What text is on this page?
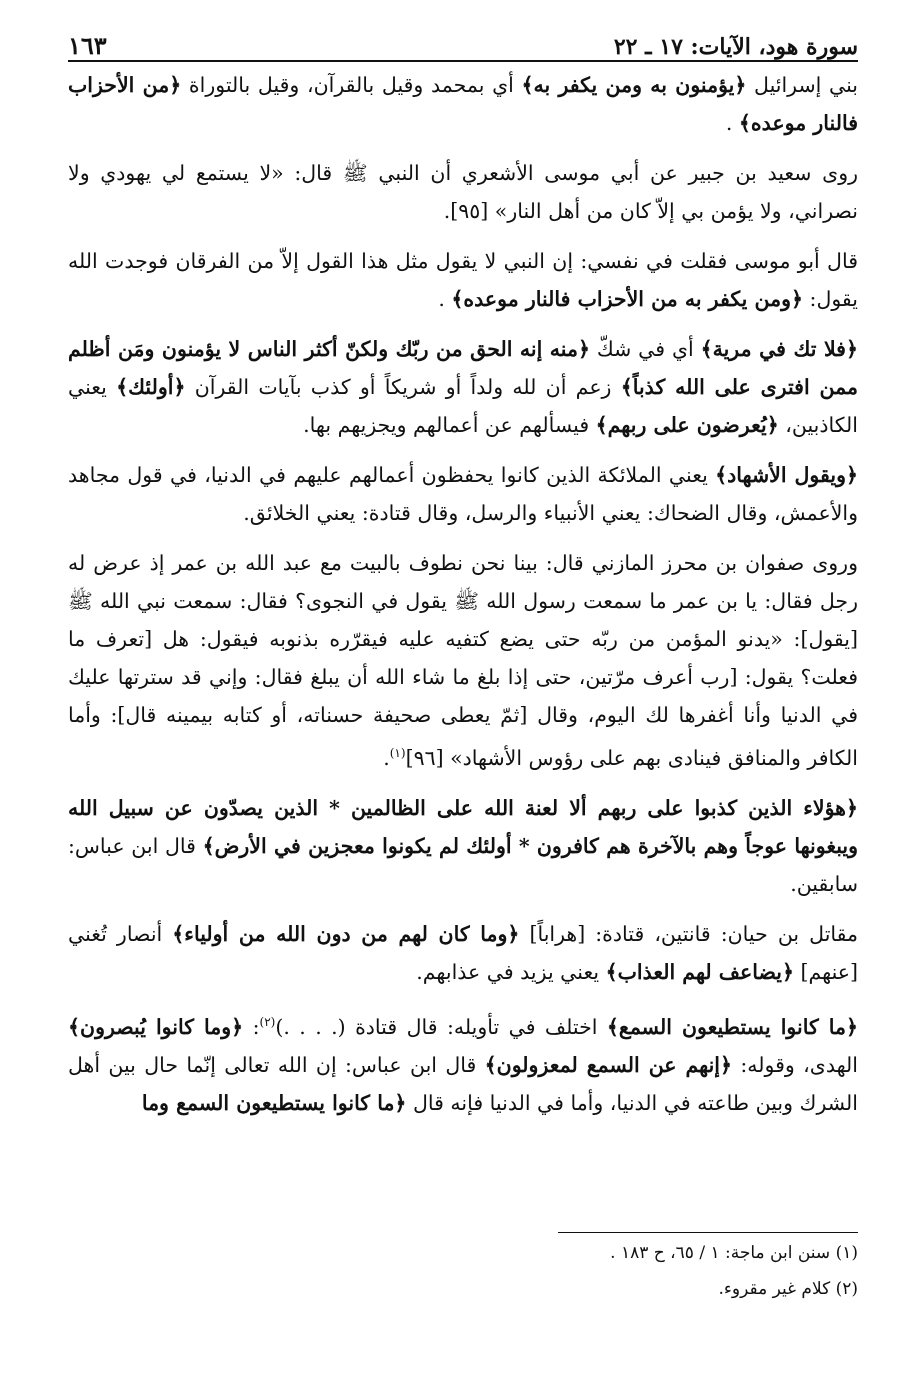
سورة هود، الآيات: ١٧ ـ ٢٢
١٦٣

بني إسرائيل ﴿يؤمنون به ومن يكفر به﴾ أي بمحمد وقيل بالقرآن، وقيل بالتوراة ﴿من الأحزاب فالنار موعده﴾ .

روى سعيد بن جبير عن أبي موسى الأشعري أن النبي ﷺ قال: «لا يستمع لي يهودي ولا نصراني، ولا يؤمن بي إلاّ كان من أهل النار» [٩٥].

قال أبو موسى فقلت في نفسي: إن النبي لا يقول مثل هذا القول إلاّ من الفرقان فوجدت الله يقول: ﴿ومن يكفر به من الأحزاب فالنار موعده﴾ .

﴿فلا تك في مرية﴾ أي في شكّ ﴿منه إنه الحق من ربّك ولكنّ أكثر الناس لا يؤمنون ومَن أظلم ممن افترى على الله كذباً﴾ زعم أن لله ولداً أو شريكاً أو كذب بآيات القرآن ﴿أولئك﴾ يعني الكاذبين، ﴿يُعرضون على ربهم﴾ فيسألهم عن أعمالهم ويجزيهم بها.

﴿ويقول الأشهاد﴾ يعني الملائكة الذين كانوا يحفظون أعمالهم عليهم في الدنيا، في قول مجاهد والأعمش، وقال الضحاك: يعني الأنبياء والرسل، وقال قتادة: يعني الخلائق.

وروى صفوان بن محرز المازني قال: بينا نحن نطوف بالبيت مع عبد الله بن عمر إذ عرض له رجل فقال: يا بن عمر ما سمعت رسول الله ﷺ يقول في النجوى؟ فقال: سمعت نبي الله ﷺ [يقول]: «يدنو المؤمن من ربّه حتى يضع كتفيه عليه فيقرّره بذنوبه فيقول: هل [تعرف ما فعلت؟ يقول: [رب أعرف مرّتين، حتى إذا بلغ ما شاء الله أن يبلغ فقال: وإني قد سترتها عليك في الدنيا وأنا أغفرها لك اليوم، وقال [ثمّ يعطى صحيفة حسناته، أو كتابه بيمينه قال]: وأما الكافر والمنافق فينادى بهم على رؤوس الأشهاد» [٩٦]$^{(١)}$.

﴿هؤلاء الذين كذبوا على ربهم ألا لعنة الله على الظالمين * الذين يصدّون عن سبيل الله ويبغونها عوجاً وهم بالآخرة هم كافرون * أولئك لم يكونوا معجزين في الأرض﴾ قال ابن عباس: سابقين.

مقاتل بن حيان: قانتين، قتادة: [هراباً] ﴿وما كان لهم من دون الله من أولياء﴾ أنصار تُغني [عنهم] ﴿يضاعف لهم العذاب﴾ يعني يزيد في عذابهم.

﴿ما كانوا يستطيعون السمع﴾ اختلف في تأويله: قال قتادة (. . . .)$^{(٢)}$: ﴿وما كانوا يُبصرون﴾ الهدى، وقوله: ﴿إنهم عن السمع لمعزولون﴾ قال ابن عباس: إن الله تعالى إنّما حال بين أهل الشرك وبين طاعته في الدنيا، وأما في الدنيا فإنه قال ﴿ما كانوا يستطيعون السمع وما

(١) سنن ابن ماجة: ١ / ٦٥، ح ١٨٣ .

(٢) كلام غير مقروء.
